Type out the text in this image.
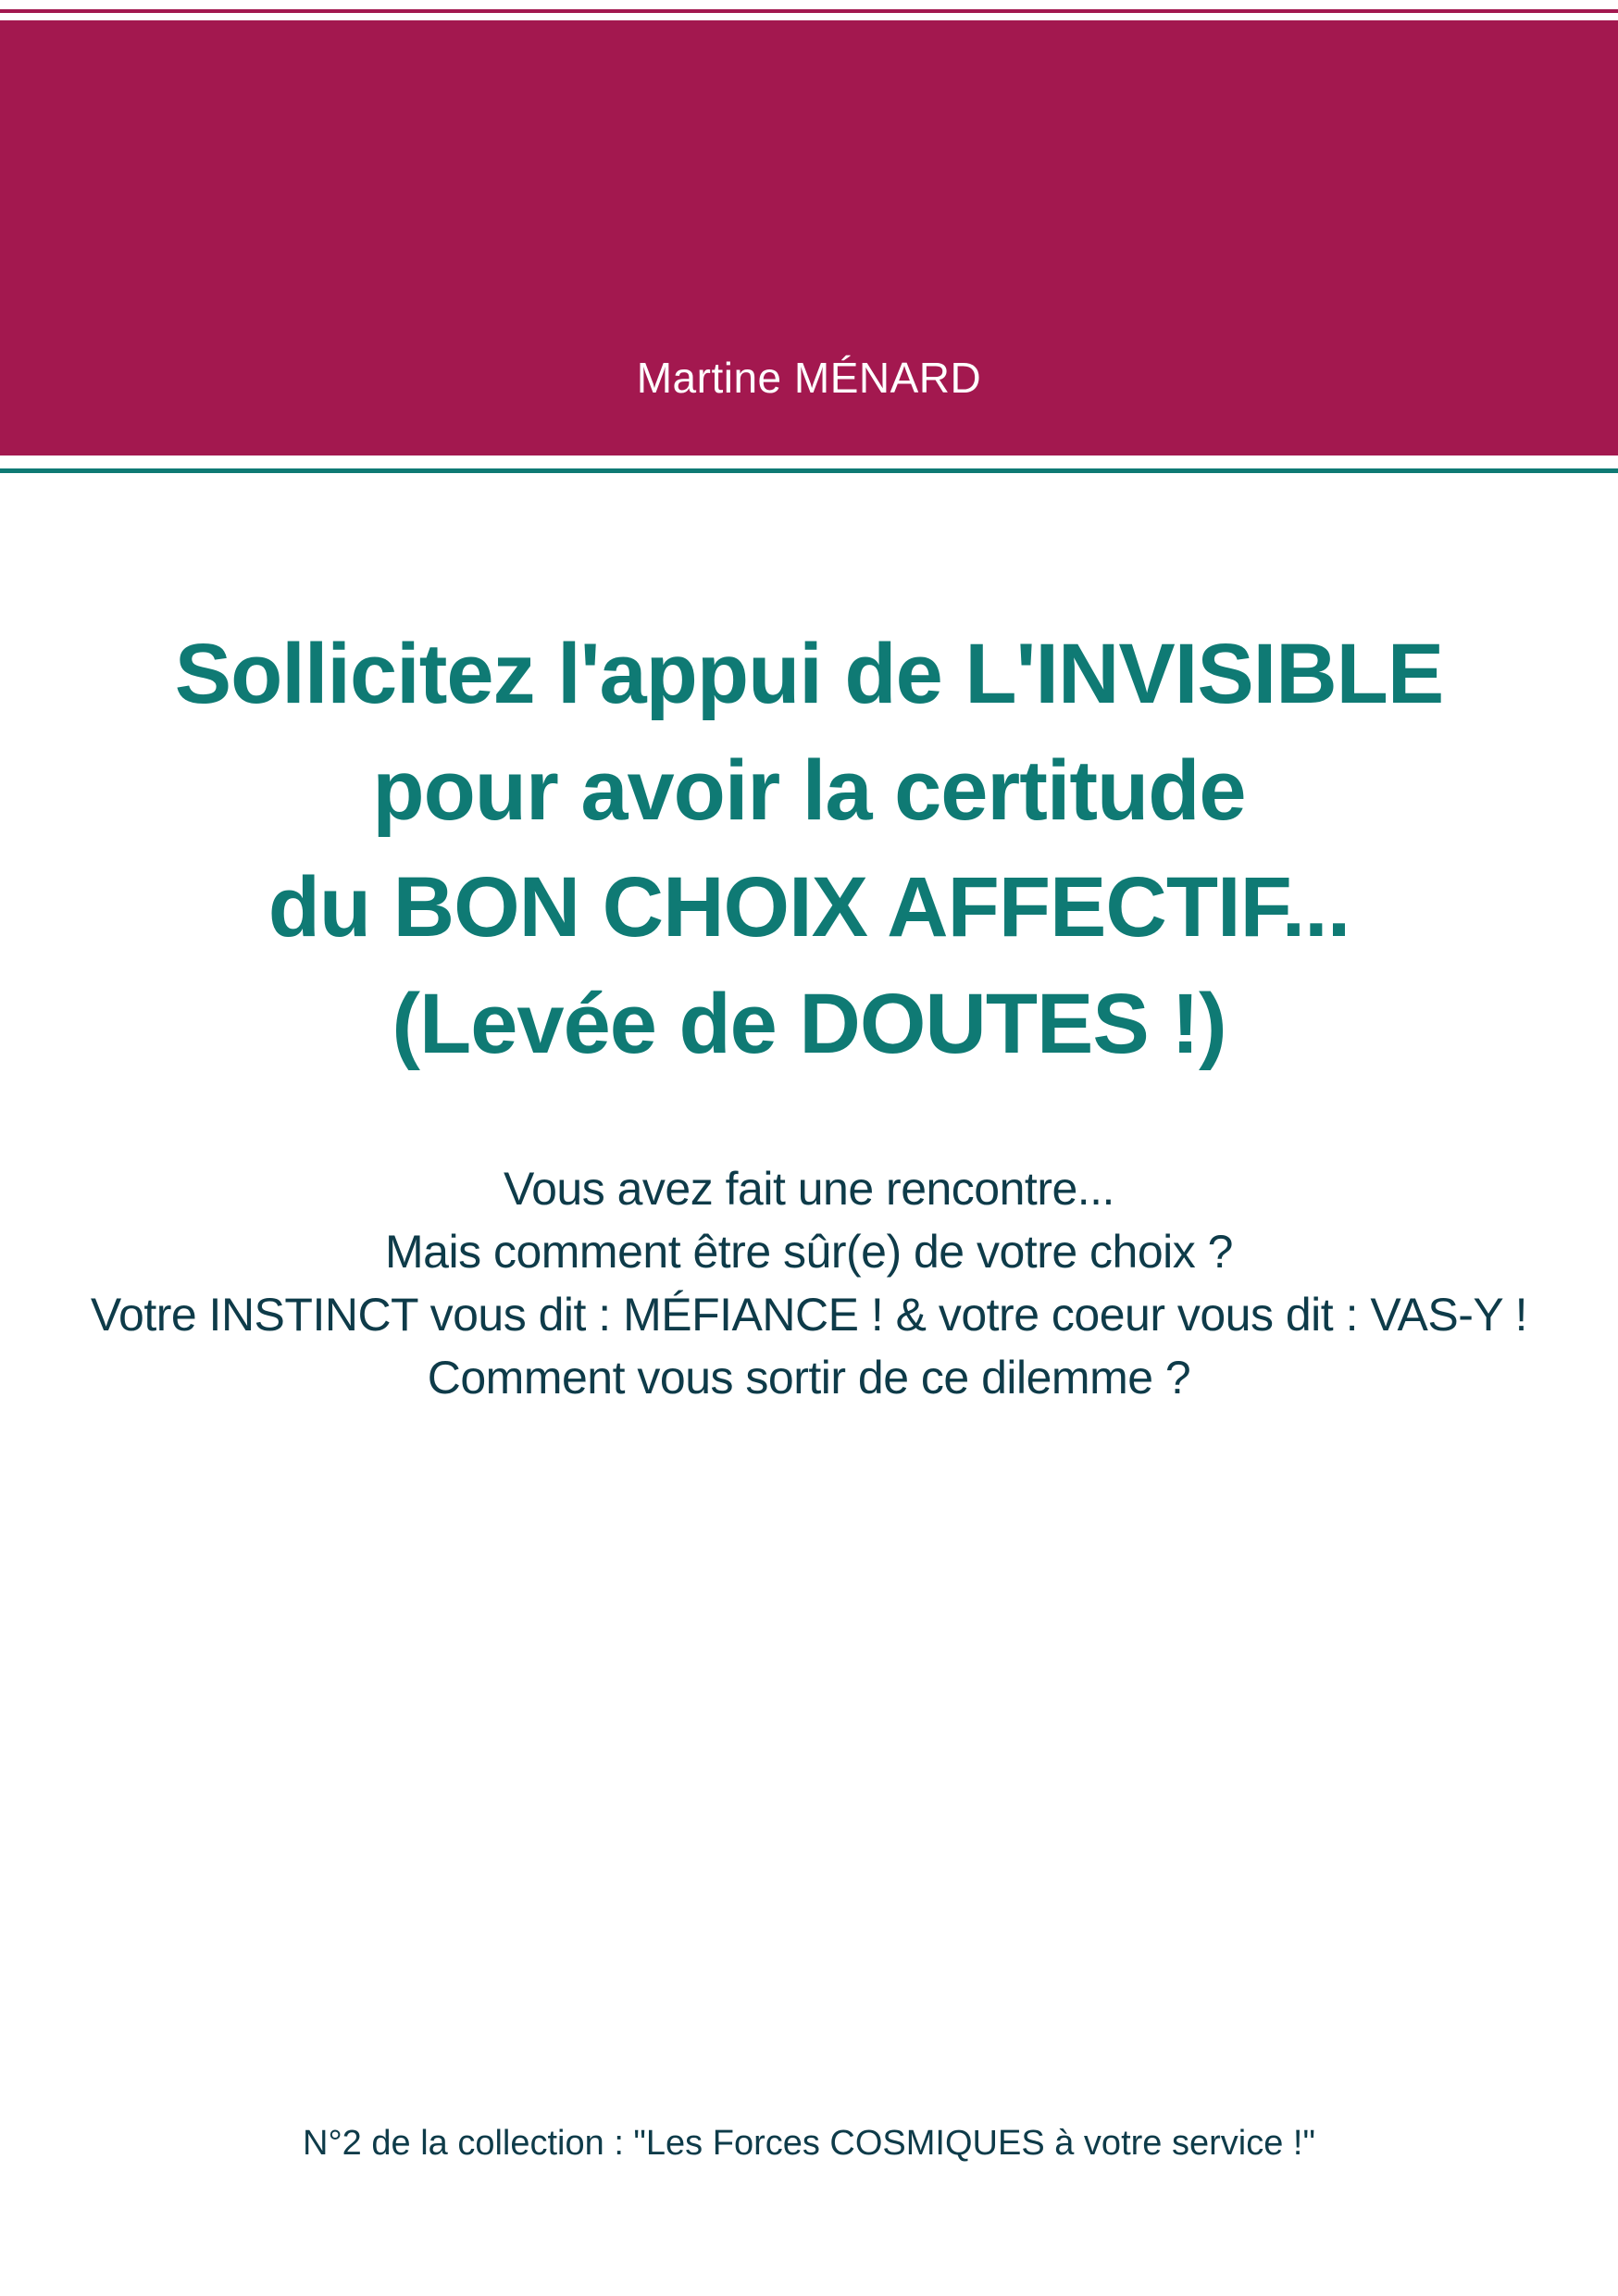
Martine MÉNARD
Sollicitez l'appui de L'INVISIBLE
pour avoir la certitude
du BON CHOIX AFFECTIF...
(Levée de DOUTES !)
Vous avez fait une rencontre...
Mais comment être sûr(e) de votre choix ?
Votre INSTINCT vous dit : MÉFIANCE ! & votre coeur vous dit : VAS-Y !
Comment vous sortir de ce dilemme ?
N°2 de la collection : "Les Forces COSMIQUES à votre service !"
